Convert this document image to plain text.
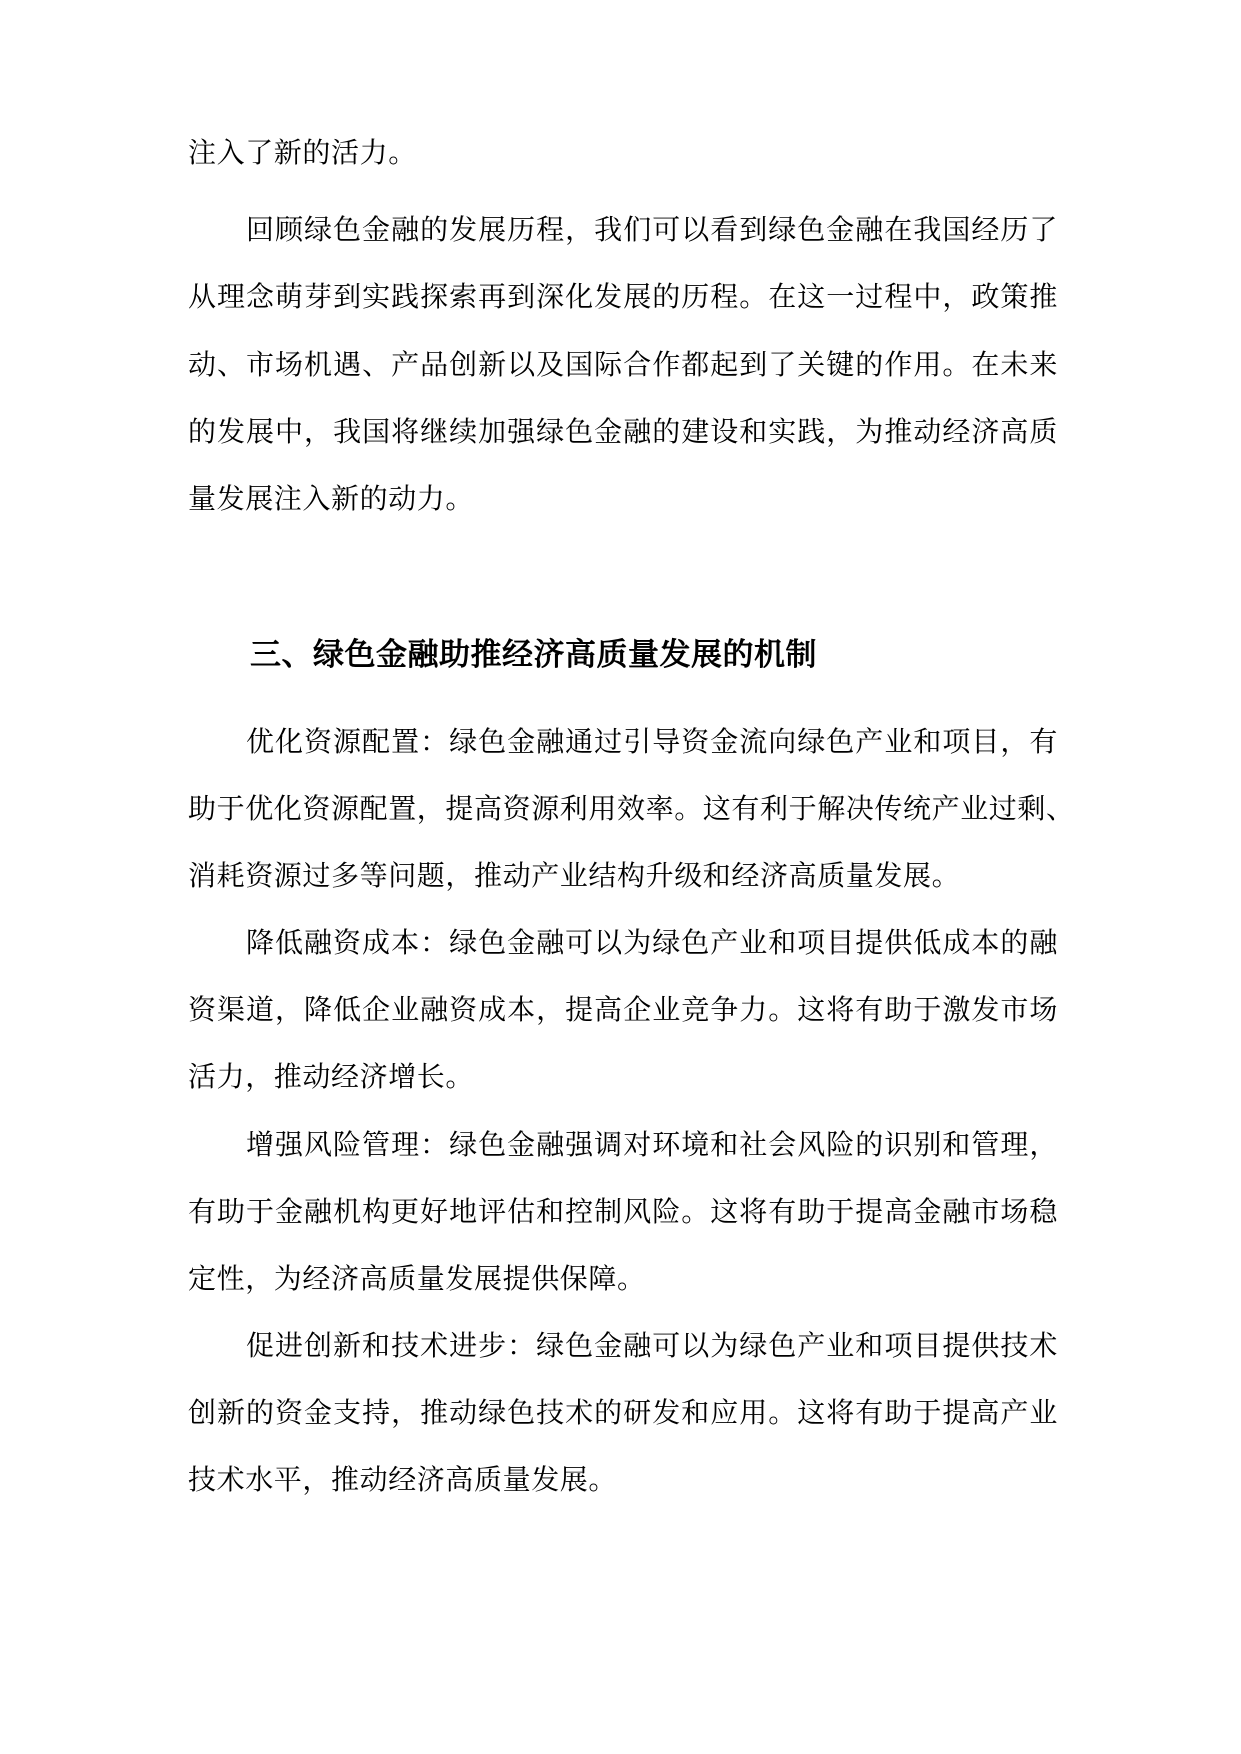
注入了新的活力。
回顾绿色金融的发展历程，我们可以看到绿色金融在我国经历了
从理念萌芽到实践探索再到深化发展的历程。在这一过程中，政策推
动、市场机遇、产品创新以及国际合作都起到了关键的作用。在未来
的发展中，我国将继续加强绿色金融的建设和实践，为推动经济高质
量发展注入新的动力。
三、绿色金融助推经济高质量发展的机制
优化资源配置：绿色金融通过引导资金流向绿色产业和项目，有
助于优化资源配置，提高资源利用效率。这有利于解决传统产业过剩、
消耗资源过多等问题，推动产业结构升级和经济高质量发展。
降低融资成本：绿色金融可以为绿色产业和项目提供低成本的融
资渠道，降低企业融资成本，提高企业竞争力。这将有助于激发市场
活力，推动经济增长。
增强风险管理：绿色金融强调对环境和社会风险的识别和管理，
有助于金融机构更好地评估和控制风险。这将有助于提高金融市场稳
定性，为经济高质量发展提供保障。
促进创新和技术进步：绿色金融可以为绿色产业和项目提供技术
创新的资金支持，推动绿色技术的研发和应用。这将有助于提高产业
技术水平，推动经济高质量发展。
